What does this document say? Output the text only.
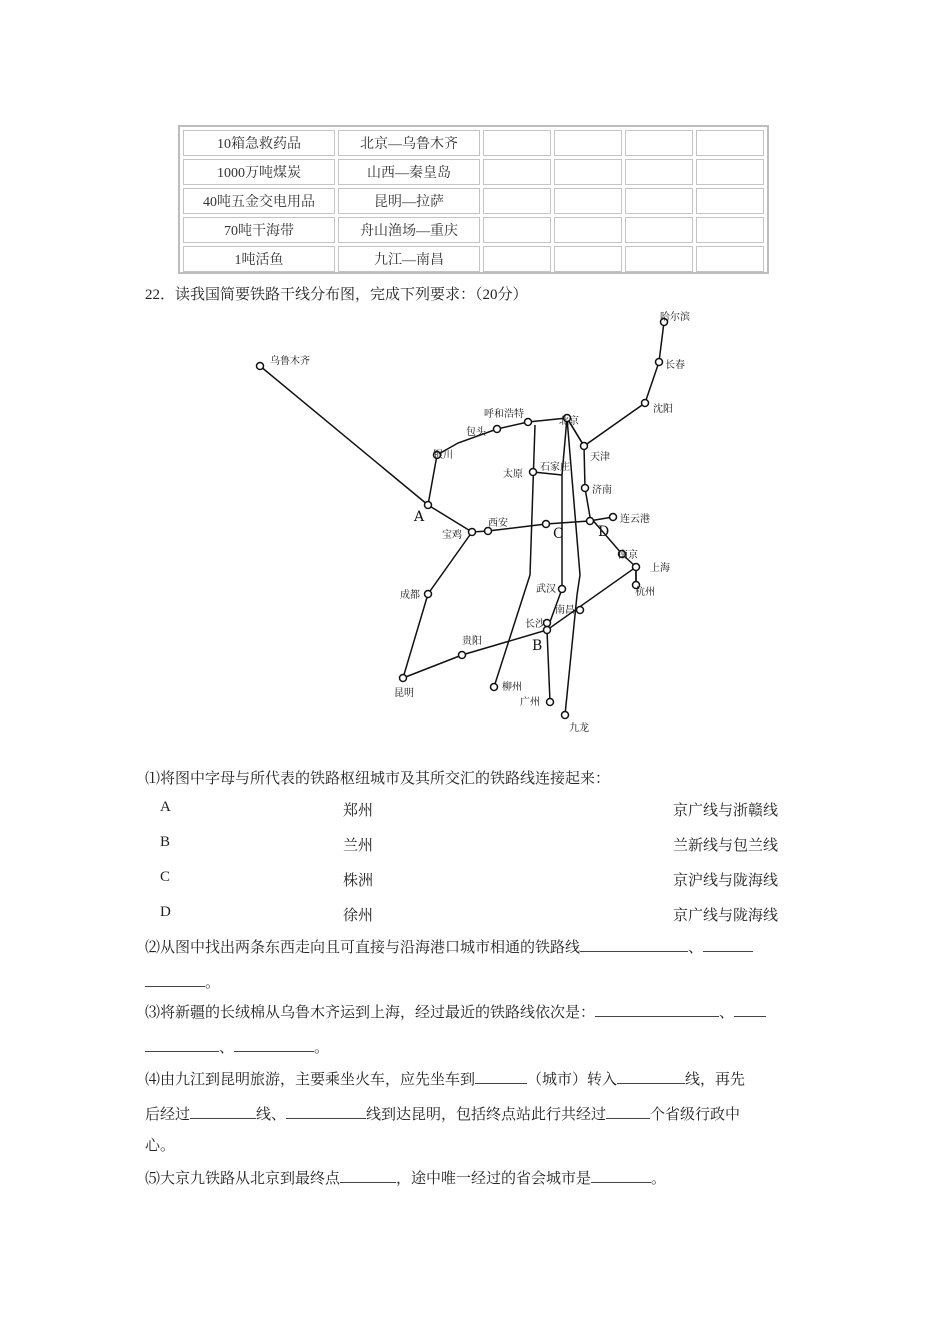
10箱急救药品	北京—乌鲁木齐				
1000万吨煤炭	山西—秦皇岛				
40吨五金交电用品	昆明—拉萨				
70吨干海带	舟山渔场—重庆				
1吨活鱼	九江—南昌				
22．读我国简要铁路干线分布图，完成下列要求：（20分）
乌鲁木齐
呼和浩特
包头
北京
银川
太原
石家庄
天津
沈阳
长春
哈尔滨
济南
西安
宝鸡
连云港
南京
上海
杭州
武汉
南昌
长沙
成都
贵阳
昆明
柳州
广州
九龙
A
B
C D
⑴将图中字母与所代表的铁路枢纽城市及其所交汇的铁路线连接起来：
A	郑州	京广线与浙赣线
B	兰州	兰新线与包兰线
C	株洲	京沪线与陇海线
D	徐州	京广线与陇海线
⑵从图中找出两条东西走向且可直接与沿海港口城市相通的铁路线	、
。
⑶将新疆的长绒棉从乌鲁木齐运到上海，经过最近的铁路线依次是：	、
、	。
⑷由九江到昆明旅游，主要乘坐火车，应先坐车到	（城市）转入	线，再先
后经过	线、	线到达昆明，包括终点站此行共经过	个省级行政中
心。
⑸大京九铁路从北京到最终点	，途中唯一经过的省会城市是	。
